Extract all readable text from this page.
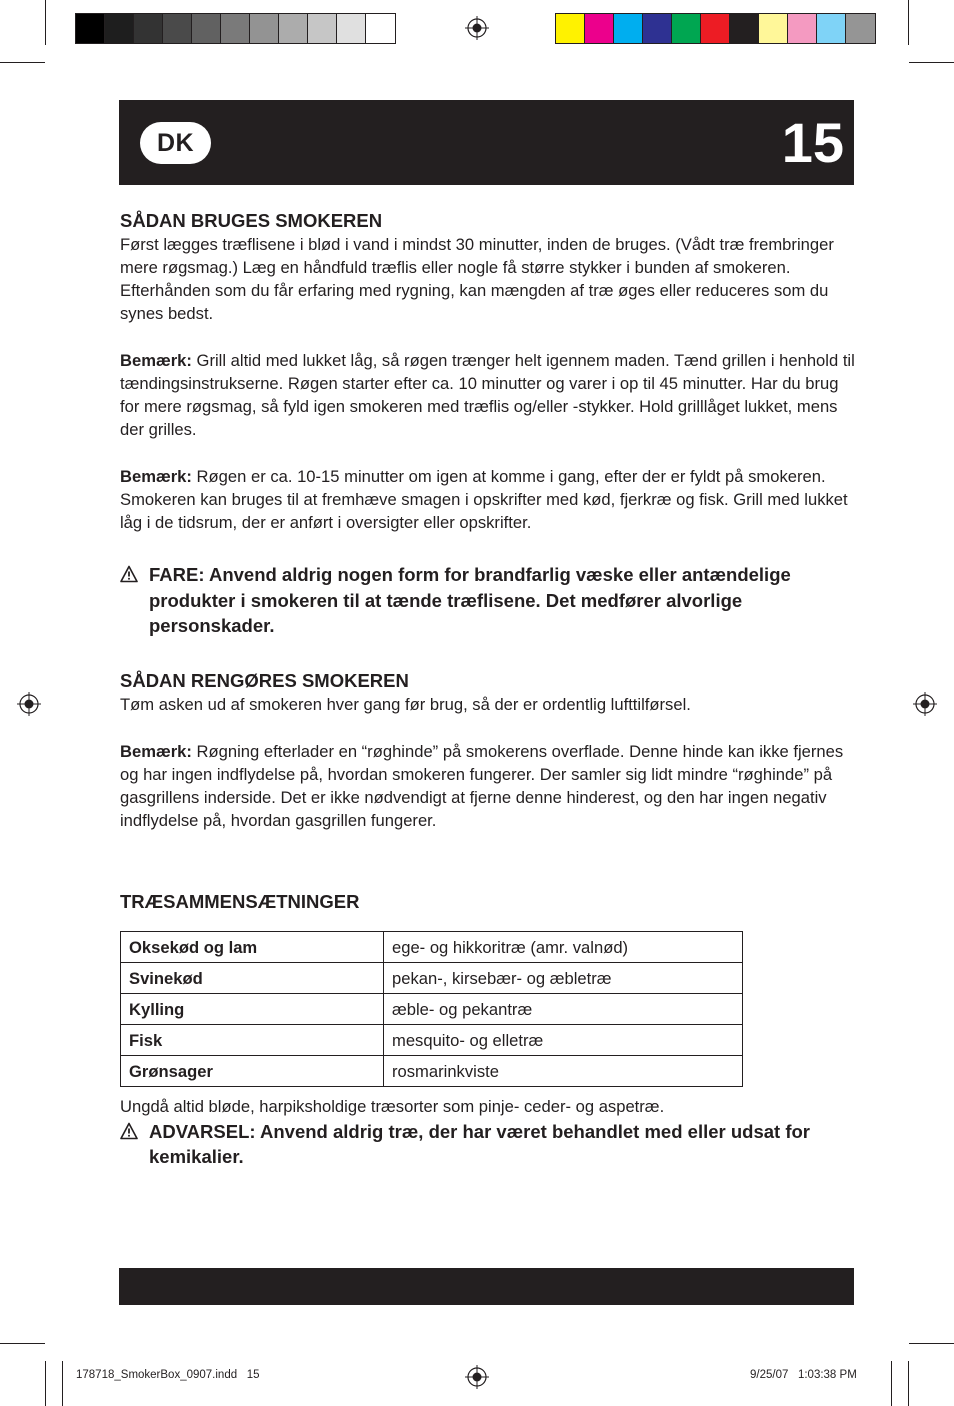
DK	15
SÅDAN BRUGES SMOKEREN
Først lægges træflisene i blød i vand i mindst 30 minutter, inden de bruges. (Vådt træ frembringer mere røgsmag.) Læg en håndfuld træflis eller nogle få større stykker i bunden af smokeren. Efterhånden som du får erfaring med rygning, kan mængden af træ øges eller reduceres som du synes bedst.
Bemærk: Grill altid med lukket låg, så røgen trænger helt igennem maden. Tænd grillen i henhold til tændingsinstrukserne. Røgen starter efter ca. 10 minutter og varer i op til 45 minutter. Har du brug for mere røgsmag, så fyld igen smokeren med træflis og/eller -stykker. Hold grilllåget lukket, mens der grilles.
Bemærk: Røgen er ca. 10-15 minutter om igen at komme i gang, efter der er fyldt på smokeren. Smokeren kan bruges til at fremhæve smagen i opskrifter med kød, fjerkræ og fisk. Grill med lukket låg i de tidsrum, der er anført i oversigter eller opskrifter.
FARE: Anvend aldrig nogen form for brandfarlig væske eller antændelige produkter i smokeren til at tænde træflisene. Det medfører alvorlige personskader.
SÅDAN RENGØRES SMOKEREN
Tøm asken ud af smokeren hver gang før brug, så der er ordentlig lufttilførsel.
Bemærk: Røgning efterlader en “røghinde” på smokerens overflade. Denne hinde kan ikke fjernes og har ingen indflydelse på, hvordan smokeren fungerer. Der samler sig lidt mindre “røghinde” på gasgrillens inderside. Det er ikke nødvendigt at fjerne denne hinderest, og den har ingen negativ indflydelse på, hvordan gasgrillen fungerer.
TRÆSAMMENSÆTNINGER
Oksekød og lam	ege- og hikkoritræ (amr. valnød)
Svinekød	pekan-, kirsebær- og æbletræ
Kylling	æble- og pekantræ
Fisk	mesquito- og elletræ
Grønsager	rosmarinkviste
Ungdå altid bløde, harpiksholdige træsorter som pinje- ceder- og aspetræ.
ADVARSEL: Anvend aldrig træ, der har været behandlet med eller udsat for kemikalier.
178718_SmokerBox_0907.indd   15	9/25/07   1:03:38 PM
